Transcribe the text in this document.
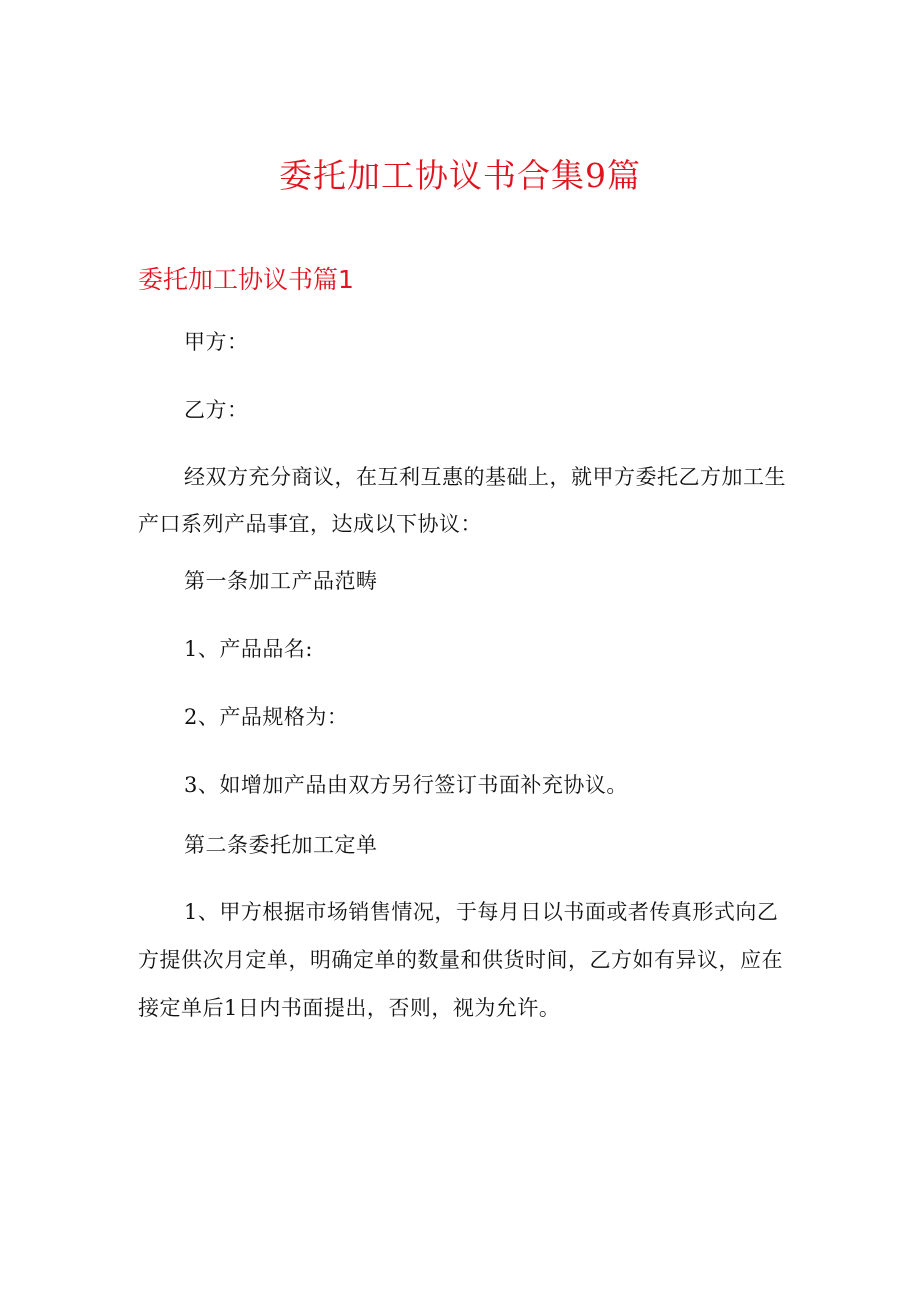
委托加工协议书合集9篇
委托加工协议书篇1
甲方：
乙方：
经双方充分商议，在互利互惠的基础上，就甲方委托乙方加工生
产口系列产品事宜，达成以下协议：
第一条加工产品范畴
1、产品品名:
2、产品规格为：
3、如增加产品由双方另行签订书面补充协议。
第二条委托加工定单
1、甲方根据市场销售情况，于每月日以书面或者传真形式向乙
方提供次月定单，明确定单的数量和供货时间，乙方如有异议，应在
接定单后1日内书面提出，否则，视为允许。
